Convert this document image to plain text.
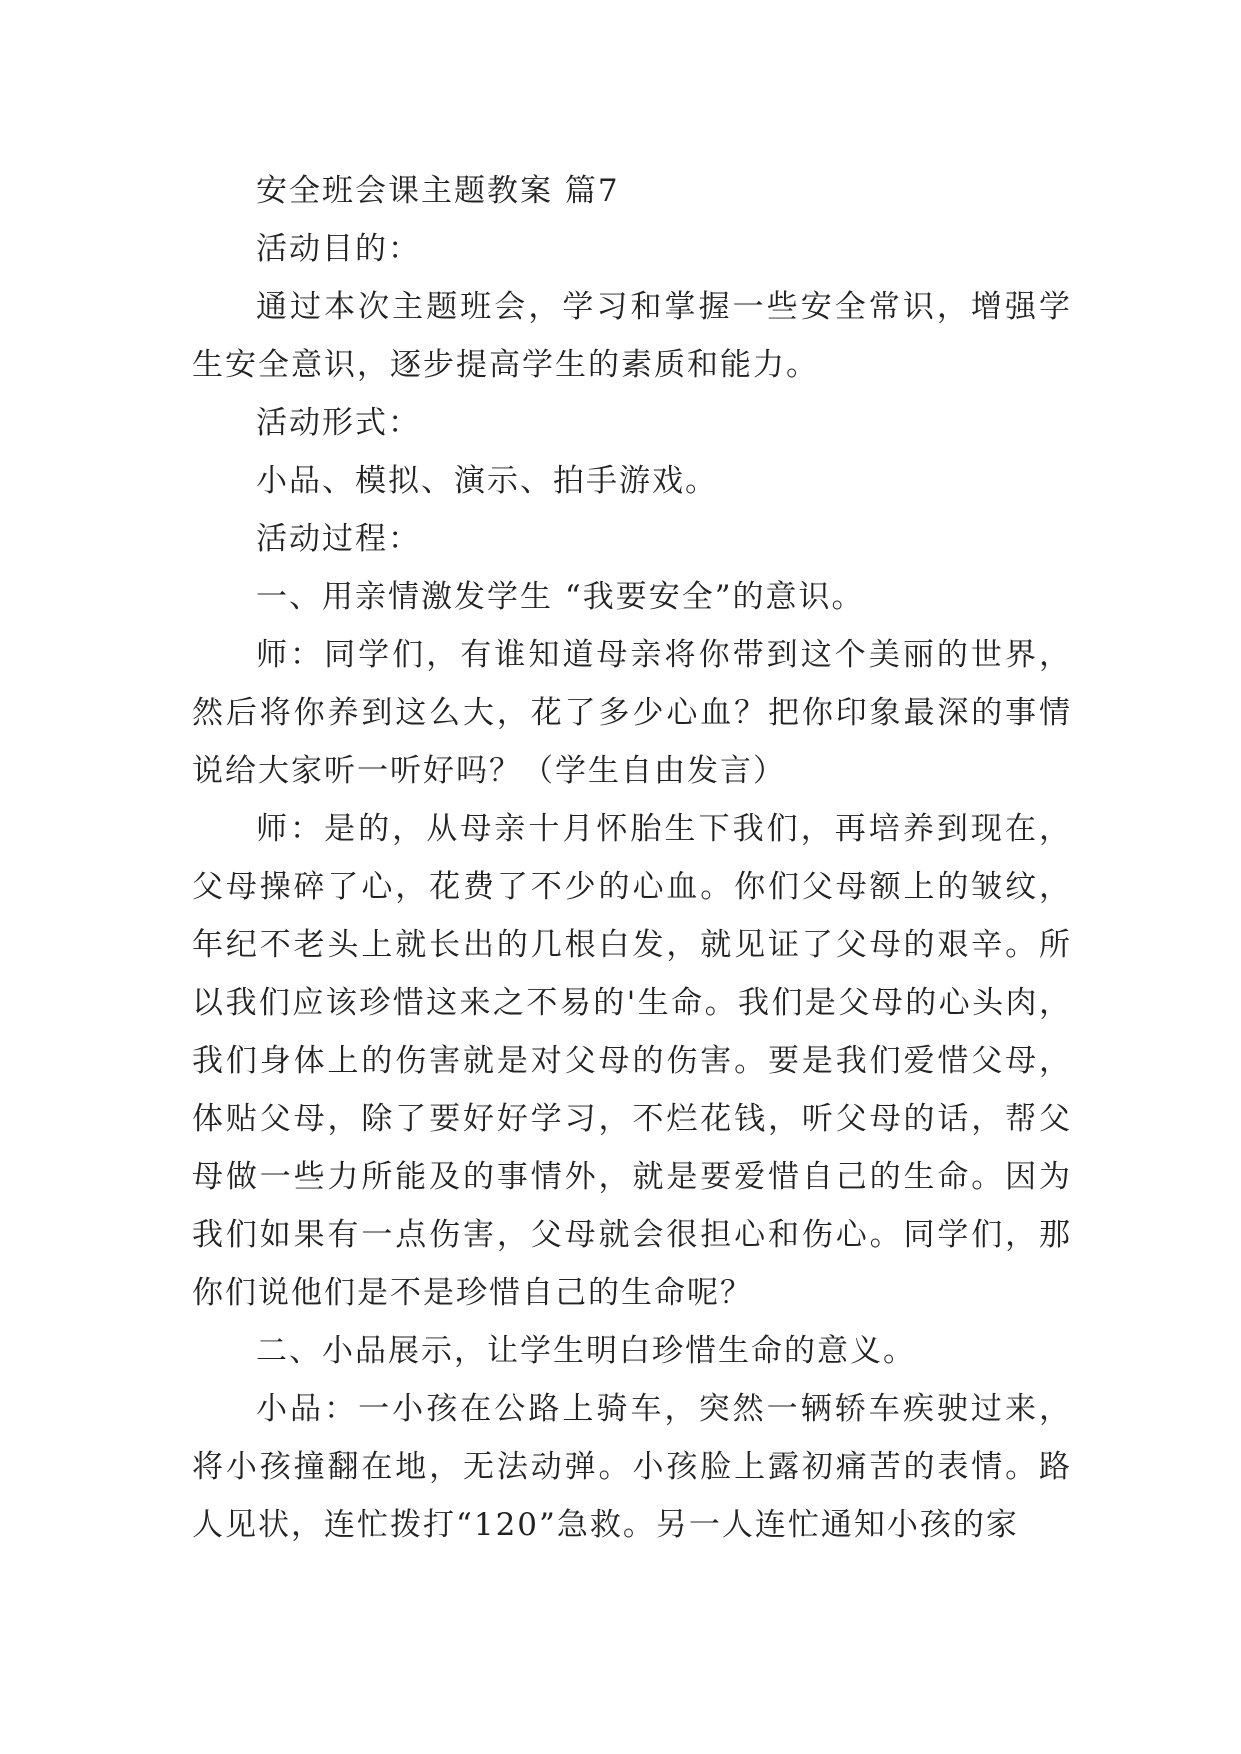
安全班会课主题教案 篇7

活动目的：

通过本次主题班会，学习和掌握一些安全常识，增强学生安全意识，逐步提高学生的素质和能力。

活动形式：

小品、模拟、演示、拍手游戏。

活动过程：

一、用亲情激发学生 “我要安全”的意识。

师：同学们，有谁知道母亲将你带到这个美丽的世界，然后将你养到这么大，花了多少心血？把你印象最深的事情说给大家听一听好吗？（学生自由发言）

师：是的，从母亲十月怀胎生下我们，再培养到现在，父母操碎了心，花费了不少的心血。你们父母额上的皱纹，年纪不老头上就长出的几根白发，就见证了父母的艰辛。所以我们应该珍惜这来之不易的'生命。我们是父母的心头肉，我们身体上的伤害就是对父母的伤害。要是我们爱惜父母，体贴父母，除了要好好学习，不烂花钱，听父母的话，帮父母做一些力所能及的事情外，就是要爱惜自己的生命。因为我们如果有一点伤害，父母就会很担心和伤心。同学们，那你们说他们是不是珍惜自己的生命呢？

二、小品展示，让学生明白珍惜生命的意义。

小品：一小孩在公路上骑车，突然一辆轿车疾驶过来，将小孩撞翻在地，无法动弹。小孩脸上露初痛苦的表情。路人见状，连忙拨打“120”急救。另一人连忙通知小孩的家
